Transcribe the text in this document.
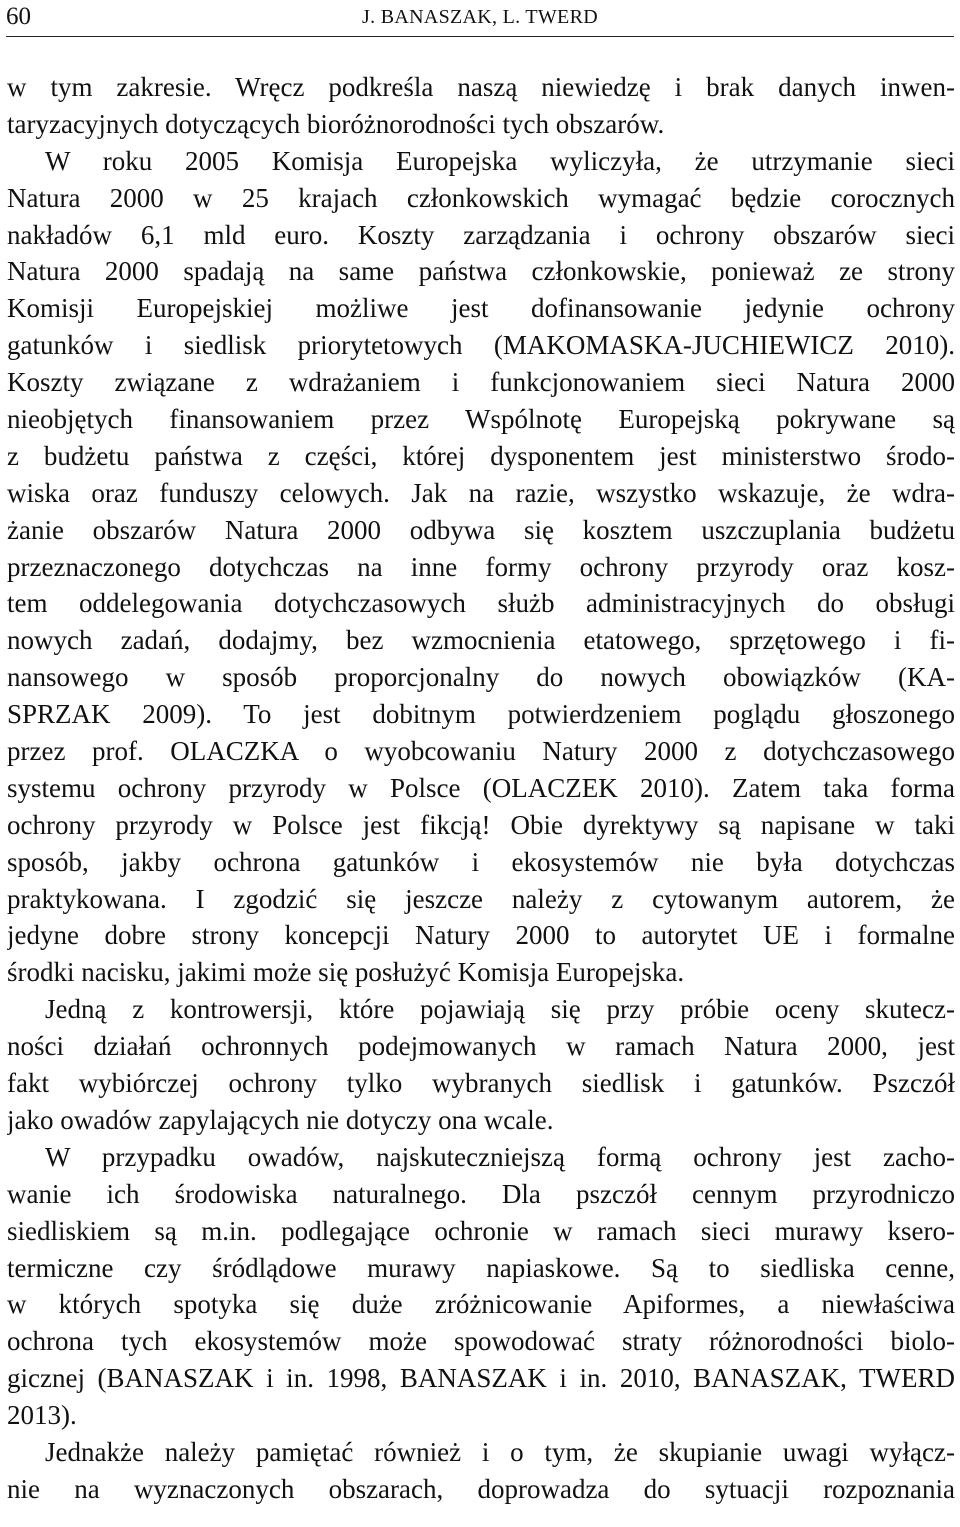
60	J. BANASZAK, L. TWERD
w tym zakresie. Wręcz podkreśla naszą niewiedzę i brak danych inwen-
taryzacyjnych dotyczących bioróżnorodności tych obszarów.
W roku 2005 Komisja Europejska wyliczyła, że utrzymanie sieci
Natura 2000 w 25 krajach członkowskich wymagać będzie corocznych
nakładów 6,1 mld euro. Koszty zarządzania i ochrony obszarów sieci
Natura 2000 spadają na same państwa członkowskie, ponieważ ze strony
Komisji Europejskiej możliwe jest dofinansowanie jedynie ochrony
gatunków i siedlisk priorytetowych (MAKOMASKA-JUCHIEWICZ 2010).
Koszty związane z wdrażaniem i funkcjonowaniem sieci Natura 2000
nieobjętych finansowaniem przez Wspólnotę Europejską pokrywane są
z budżetu państwa z części, której dysponentem jest ministerstwo środo-
wiska oraz funduszy celowych. Jak na razie, wszystko wskazuje, że wdra-
żanie obszarów Natura 2000 odbywa się kosztem uszczuplania budżetu
przeznaczonego dotychczas na inne formy ochrony przyrody oraz kosz-
tem oddelegowania dotychczasowych służb administracyjnych do obsługi
nowych zadań, dodajmy, bez wzmocnienia etatowego, sprzętowego i fi-
nansowego w sposób proporcjonalny do nowych obowiązków (KA-
SPRZAK 2009). To jest dobitnym potwierdzeniem poglądu głoszonego
przez prof. OLACZKA o wyobcowaniu Natury 2000 z dotychczasowego
systemu ochrony przyrody w Polsce (OLACZEK 2010). Zatem taka forma
ochrony przyrody w Polsce jest fikcją! Obie dyrektywy są napisane w taki
sposób, jakby ochrona gatunków i ekosystemów nie była dotychczas
praktykowana. I zgodzić się jeszcze należy z cytowanym autorem, że
jedyne dobre strony koncepcji Natury 2000 to autorytet UE i formalne
środki nacisku, jakimi może się posłużyć Komisja Europejska.
Jedną z kontrowersji, które pojawiają się przy próbie oceny skutecz-
ności działań ochronnych podejmowanych w ramach Natura 2000, jest
fakt wybiórczej ochrony tylko wybranych siedlisk i gatunków. Pszczół
jako owadów zapylających nie dotyczy ona wcale.
W przypadku owadów, najskuteczniejszą formą ochrony jest zacho-
wanie ich środowiska naturalnego. Dla pszczół cennym przyrodniczo
siedliskiem są m.in. podlegające ochronie w ramach sieci murawy ksero-
termiczne czy śródlądowe murawy napiaskowe. Są to siedliska cenne,
w których spotyka się duże zróżnicowanie Apiformes, a niewłaściwa
ochrona tych ekosystemów może spowodować straty różnorodności biolo-
gicznej (BANASZAK i in. 1998, BANASZAK i in. 2010, BANASZAK, TWERD
2013).
Jednakże należy pamiętać również i o tym, że skupianie uwagi wyłącz-
nie na wyznaczonych obszarach, doprowadza do sytuacji rozpoznania
